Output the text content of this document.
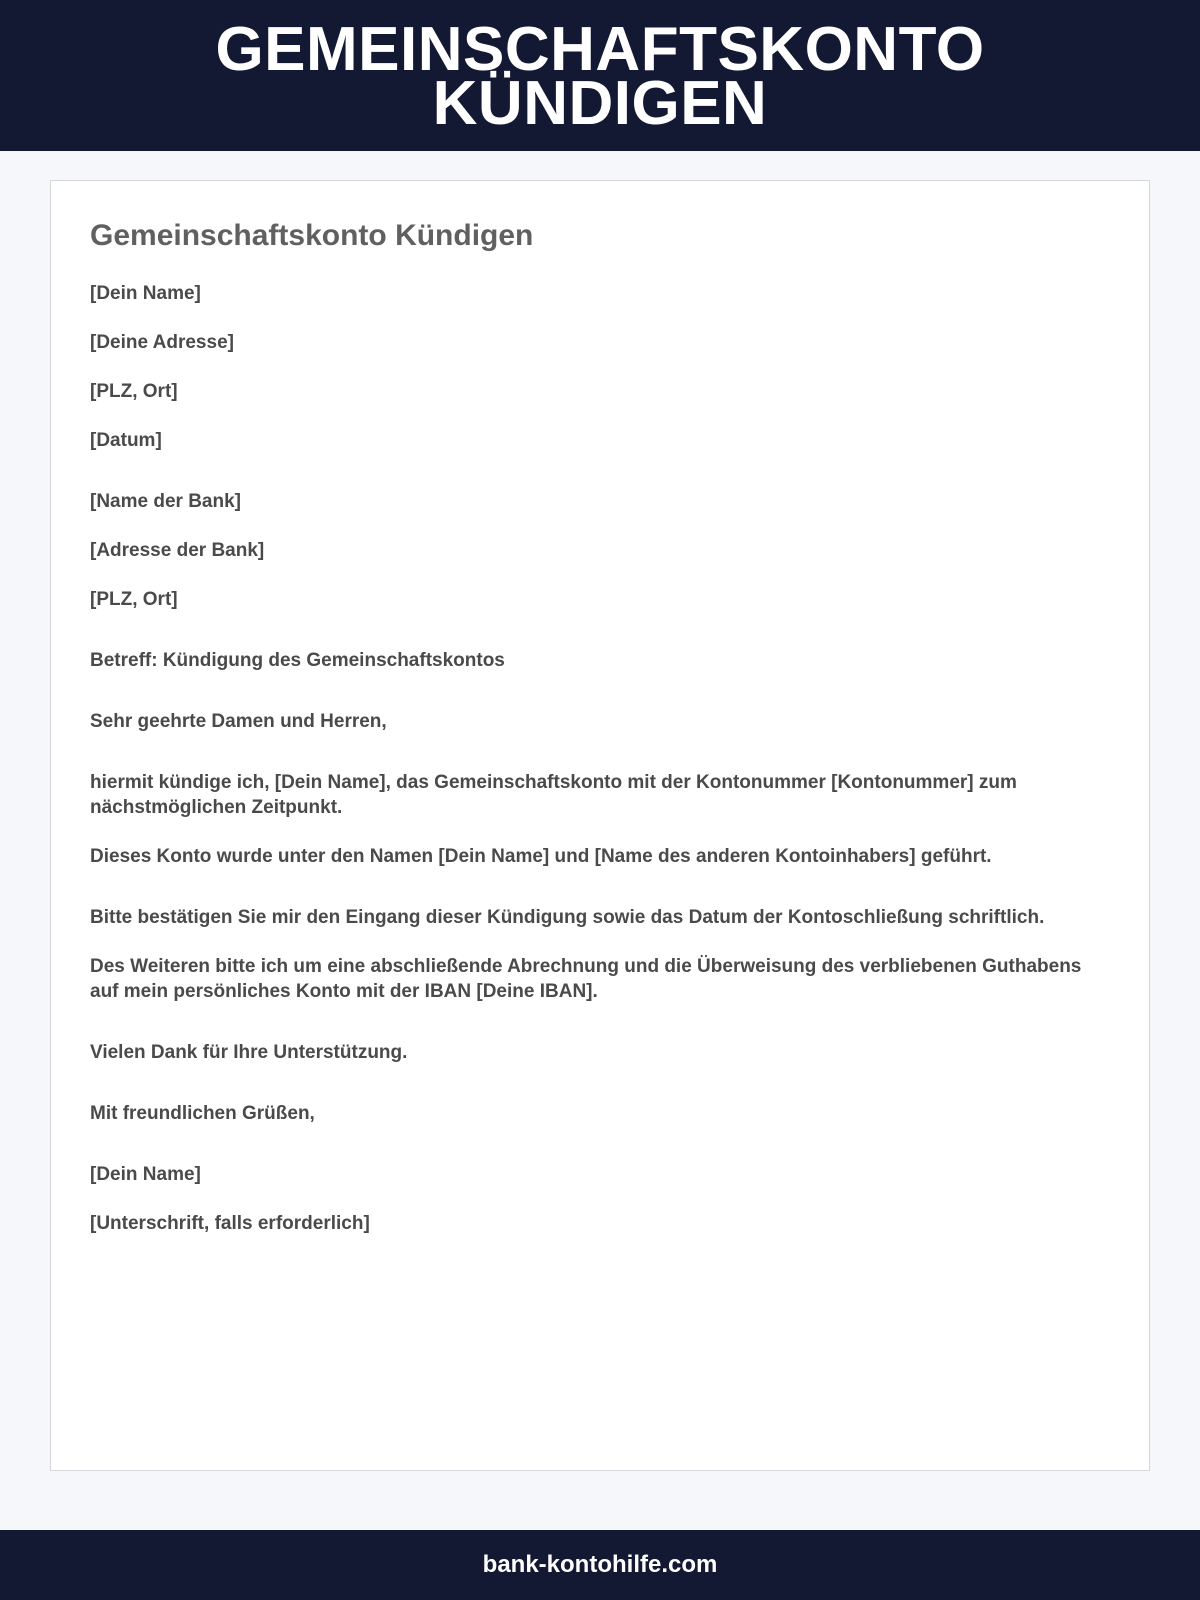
GEMEINSCHAFTSKONTO KÜNDIGEN
Gemeinschaftskonto Kündigen
[Dein Name]
[Deine Adresse]
[PLZ, Ort]
[Datum]
[Name der Bank]
[Adresse der Bank]
[PLZ, Ort]
Betreff: Kündigung des Gemeinschaftskontos
Sehr geehrte Damen und Herren,
hiermit kündige ich, [Dein Name], das Gemeinschaftskonto mit der Kontonummer [Kontonummer] zum nächstmöglichen Zeitpunkt.
Dieses Konto wurde unter den Namen [Dein Name] und [Name des anderen Kontoinhabers] geführt.
Bitte bestätigen Sie mir den Eingang dieser Kündigung sowie das Datum der Kontoschließung schriftlich.
Des Weiteren bitte ich um eine abschließende Abrechnung und die Überweisung des verbliebenen Guthabens auf mein persönliches Konto mit der IBAN [Deine IBAN].
Vielen Dank für Ihre Unterstützung.
Mit freundlichen Grüßen,
[Dein Name]
[Unterschrift, falls erforderlich]
bank-kontohilfe.com
